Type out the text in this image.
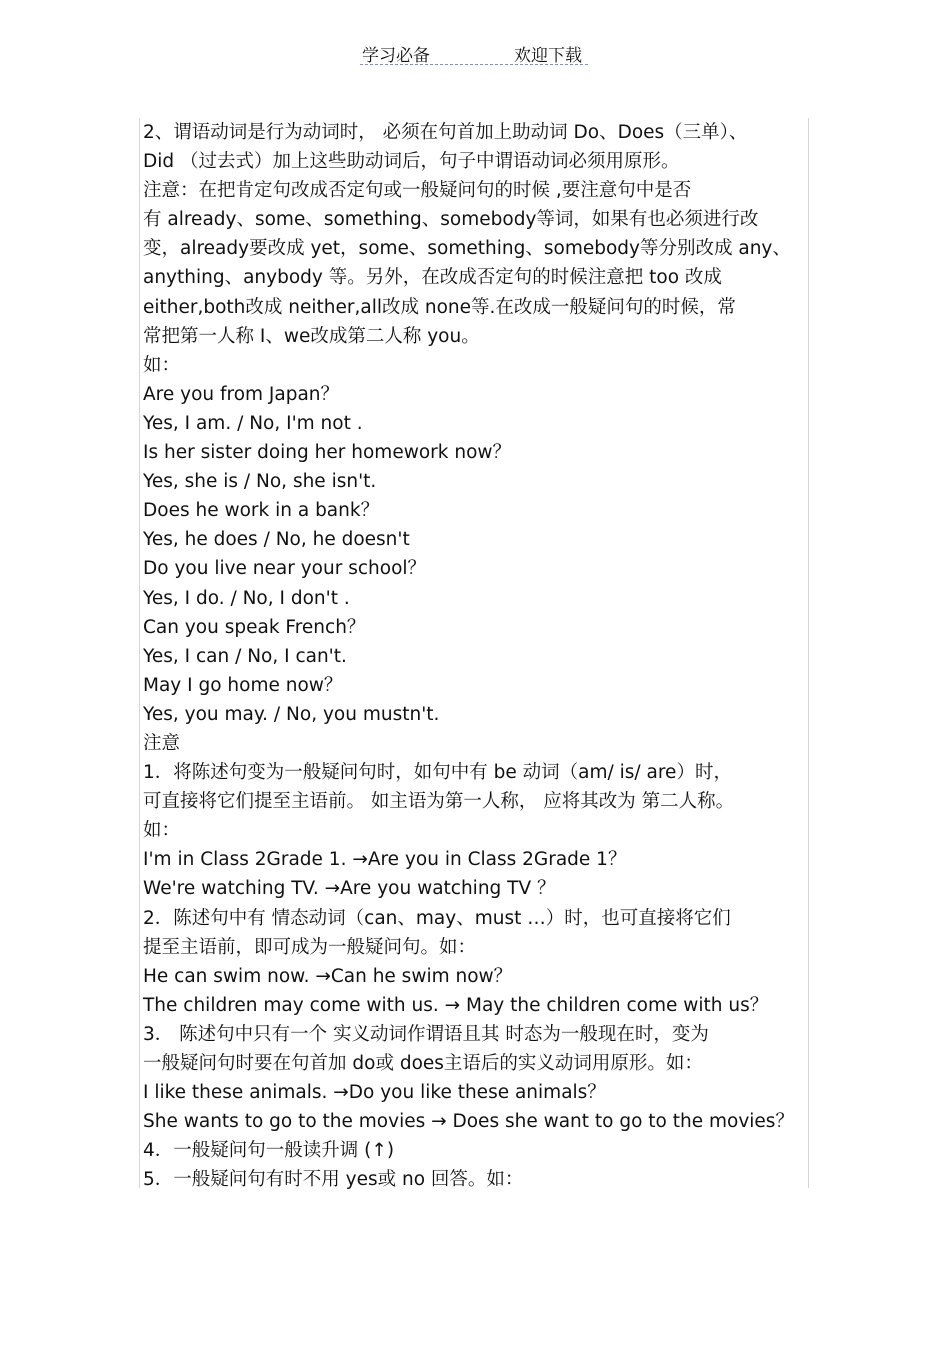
学习必备	欢迎下载

2、谓语动词是行为动词时， 必须在句首加上助动词 Do、Does（三单）、

Did （过去式）加上这些助动词后，句子中谓语动词必须用原形。

注意：在把肯定句改成否定句或一般疑问句的时候 ,要注意句中是否

有 already、some、something、somebody等词，如果有也必须进行改

变，already要改成 yet，some、something、somebody等分别改成 any、

anything、anybody 等。另外，在改成否定句的时候注意把 too 改成

either,both改成 neither,all改成 none等.在改成一般疑问句的时候，常

常把第一人称 I、we改成第二人称 you。

如：

Are you from Japan？

Yes, I am. / No, I'm not .

Is her sister doing her homework now？

Yes, she is / No, she isn't.

Does he work in a bank？

Yes, he does / No, he doesn't

Do you live near your school？

Yes, I do. / No, I don't .

Can you speak French？

Yes, I can / No, I can't.

May I go home now？

Yes, you may. / No, you mustn't.

注意

1．将陈述句变为一般疑问句时，如句中有 be 动词（am/ is/ are）时，

可直接将它们提至主语前。 如主语为第一人称， 应将其改为 第二人称。

如：

I'm in Class 2Grade 1. →Are you in Class 2Grade 1？

We're watching TV. →Are you watching TV ？

2．陈述句中有 情态动词（can、may、must …）时，也可直接将它们

提至主语前，即可成为一般疑问句。如：

He can swim now. →Can he swim now？

The children may come with us. → May the children come with us？

3． 陈述句中只有一个 实义动词作谓语且其 时态为一般现在时，变为

一般疑问句时要在句首加 do或 does主语后的实义动词用原形。如：

I like these animals. →Do you like these animals？

She wants to go to the movies → Does she want to go to the movies？

4．一般疑问句一般读升调 (↑)

5．一般疑问句有时不用 yes或 no 回答。如：
